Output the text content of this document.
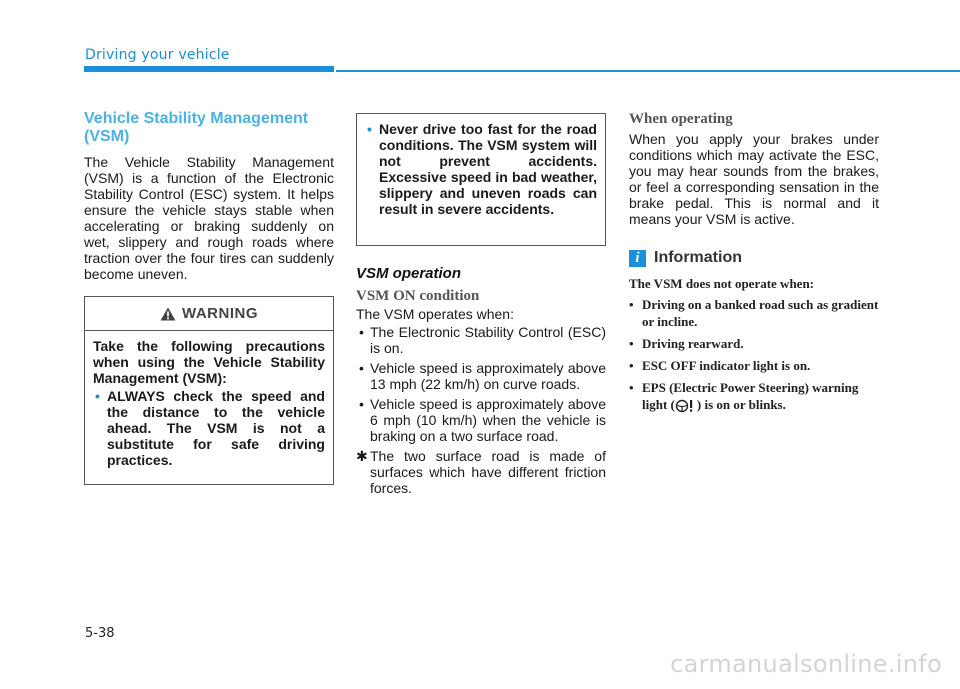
Driving your vehicle
Vehicle Stability Management (VSM)

The Vehicle Stability Management (VSM) is a function of the Electronic Stability Control (ESC) system. It helps ensure the vehicle stays stable when accelerating or braking suddenly on wet, slippery and rough roads where traction over the four tires can suddenly become uneven.

WARNING
Take the following precautions when using the Vehicle Stability Management (VSM):
• ALWAYS check the speed and the distance to the vehicle ahead. The VSM is not a substitute for safe driving practices.
• Never drive too fast for the road conditions. The VSM system will not prevent accidents. Excessive speed in bad weather, slippery and uneven roads can result in severe accidents.
VSM operation
VSM ON condition
The VSM operates when:
• The Electronic Stability Control (ESC) is on.
• Vehicle speed is approximately above 13 mph (22 km/h) on curve roads.
• Vehicle speed is approximately above 6 mph (10 km/h) when the vehicle is braking on a two surface road.
✱ The two surface road is made of surfaces which have different friction forces.
When operating

When you apply your brakes under conditions which may activate the ESC, you may hear sounds from the brakes, or feel a corresponding sensation in the brake pedal. This is normal and it means your VSM is active.

i Information
The VSM does not operate when:
• Driving on a banked road such as gradient or incline.
• Driving rearward.
• ESC OFF indicator light is on.
• EPS (Electric Power Steering) warning light ( ) is on or blinks.
5-38
carmanualsonline.info
